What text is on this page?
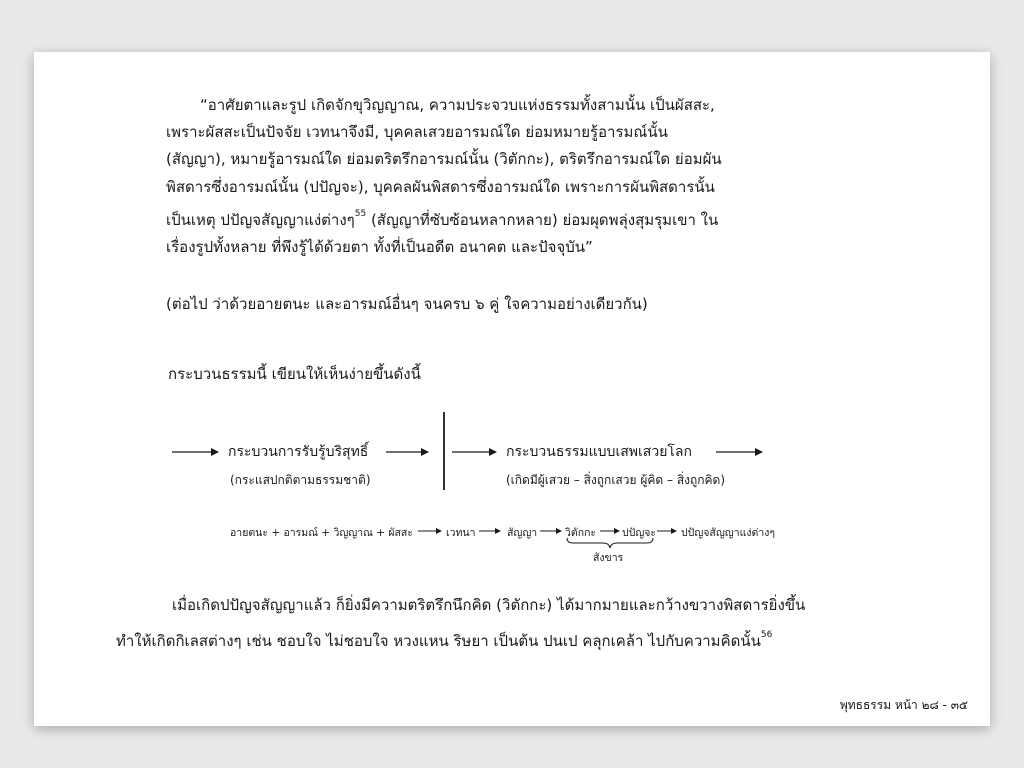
“อาศัยตาและรูป เกิดจักขุวิญญาณ, ความประจวบแห่งธรรมทั้งสามนั้น เป็นผัสสะ,

เพราะผัสสะเป็นปัจจัย เวทนาจึงมี, บุคคลเสวยอารมณ์ใด ย่อมหมายรู้อารมณ์นั้น
(สัญญา), หมายรู้อารมณ์ใด ย่อมตริตรึกอารมณ์นั้น (วิตักกะ), ตริตรึกอารมณ์ใด ย่อมผัน
พิสดารซึ่งอารมณ์นั้น (ปปัญจะ), บุคคลผันพิสดารซึ่งอารมณ์ใด เพราะการผันพิสดารนั้น
เป็นเหตุ ปปัญจสัญญาแง่ต่างๆ$^{55}$ (สัญญาที่ซับซ้อนหลากหลาย) ย่อมผุดพลุ่งสุมรุมเขา ใน
เรื่องรูปทั้งหลาย ที่พึงรู้ได้ด้วยตา ทั้งที่เป็นอดีต อนาคต และปัจจุบัน”
(ต่อไป ว่าด้วยอายตนะ และอารมณ์อื่นๆ จนครบ ๖ คู่ ใจความอย่างเดียวกัน)
กระบวนธรรมนี้ เขียนให้เห็นง่ายขึ้นดังนี้
กระบวนการรับรู้บริสุทธิ์
(กระแสปกติตามธรรมชาติ)
กระบวนธรรมแบบเสพเสวยโลก
(เกิดมีผู้เสวย – สิ่งถูกเสวย ผู้คิด – สิ่งถูกคิด)
อายตนะ + อารมณ์ + วิญญาณ + ผัสสะ	เวทนา	สัญญา	วิตักกะ ปปัญจะ ปปัญจสัญญาแง่ต่างๆ
สังขาร

เมื่อเกิดปปัญจสัญญาแล้ว ก็ยิ่งมีความตริตรึกนึกคิด (วิตักกะ) ได้มากมายและกว้างขวางพิสดารยิ่งขึ้น

ทำให้เกิดกิเลสต่างๆ เช่น ชอบใจ ไม่ชอบใจ หวงแหน ริษยา เป็นต้น ปนเป คลุกเคล้า ไปกับความคิดนั้น$^{56}$

พุทธธรรม หน้า ๒๘ - ๓๕
